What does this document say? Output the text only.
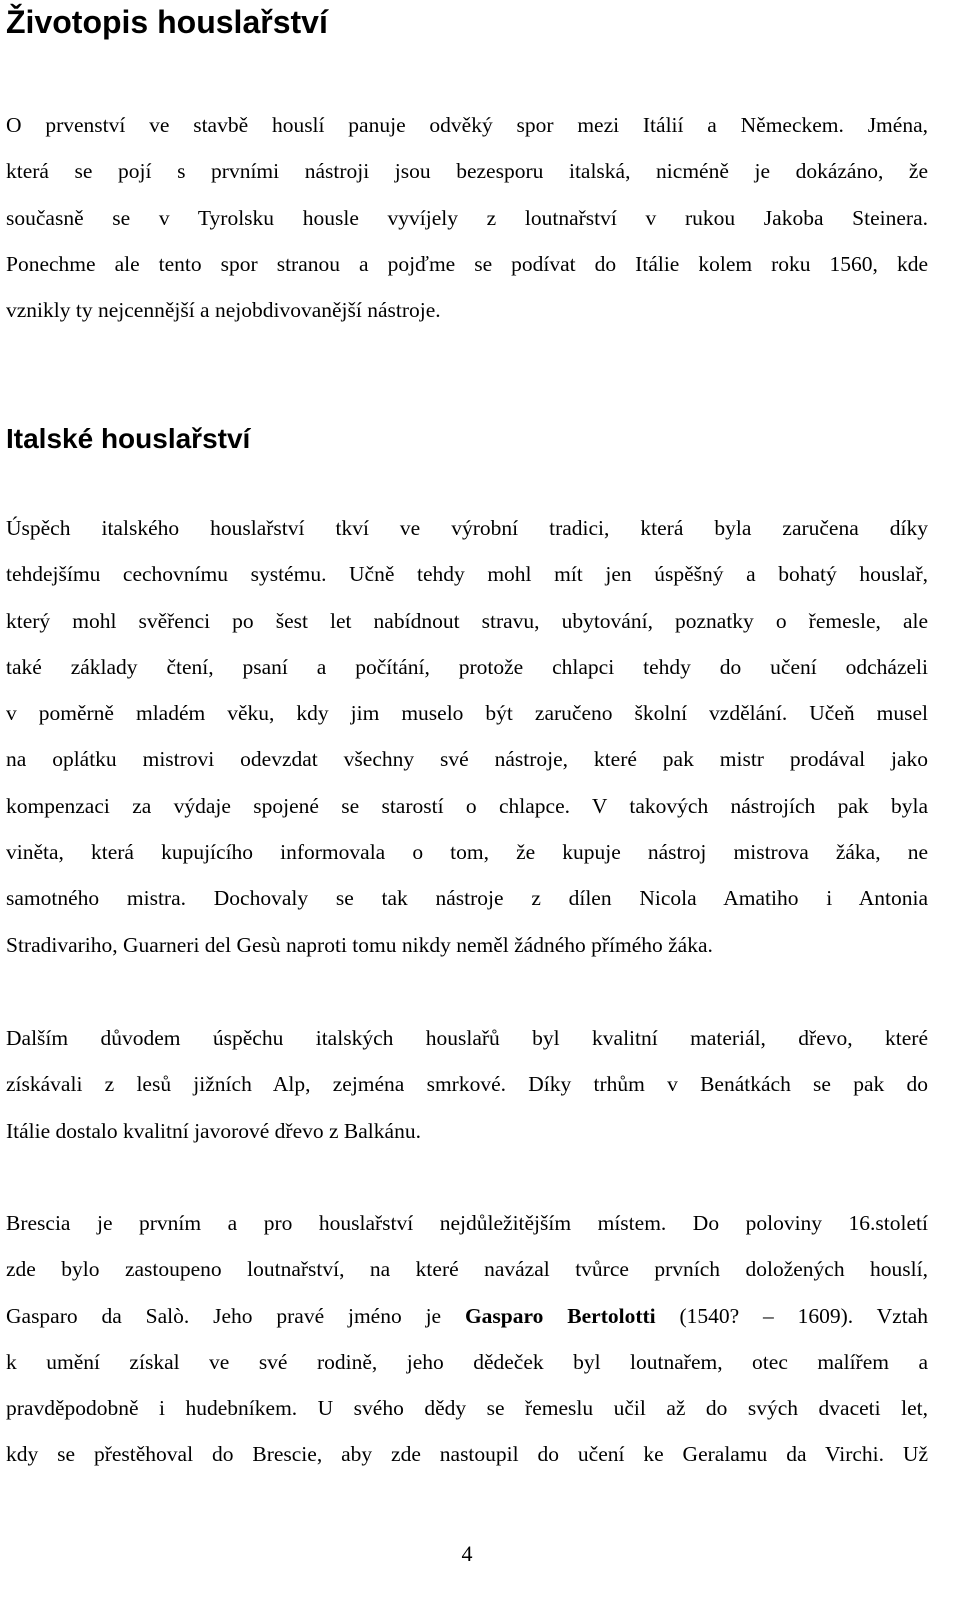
Životopis houslařství
O prvenství ve stavbě houslí panuje odvěký spor mezi Itálií a Německem. Jména,
která se pojí s prvními nástroji jsou bezesporu italská, nicméně je dokázáno, že
současně se v Tyrolsku housle vyvíjely z loutnařství v rukou Jakoba Steinera.
Ponechme ale tento spor stranou a pojďme se podívat do Itálie kolem roku 1560, kde
vznikly ty nejcennější a nejobdivovanější nástroje.
Italské houslařství
Úspěch italského houslařství tkví ve výrobní tradici, která byla zaručena díky
tehdejšímu cechovnímu systému. Učně tehdy mohl mít jen úspěšný a bohatý houslař,
který mohl svěřenci po šest let nabídnout stravu, ubytování, poznatky o řemesle, ale
také základy čtení, psaní a počítání, protože chlapci tehdy do učení odcházeli
v poměrně mladém věku, kdy jim muselo být zaručeno školní vzdělání. Učeň musel
na oplátku mistrovi odevzdat všechny své nástroje, které pak mistr prodával jako
kompenzaci za výdaje spojené se starostí o chlapce. V takových nástrojích pak byla
viněta, která kupujícího informovala o tom, že kupuje nástroj mistrova žáka, ne
samotného mistra. Dochovaly se tak nástroje z dílen Nicola Amatiho i Antonia
Stradivariho, Guarneri del Gesù naproti tomu nikdy neměl žádného přímého žáka.
Dalším důvodem úspěchu italských houslařů byl kvalitní materiál, dřevo, které
získávali z lesů jižních Alp, zejména smrkové. Díky trhům v Benátkách se pak do
Itálie dostalo kvalitní javorové dřevo z Balkánu.
Brescia je prvním a pro houslařství nejdůležitějším místem. Do poloviny 16.století
zde bylo zastoupeno loutnařství, na které navázal tvůrce prvních doložených houslí,
Gasparo da Salò. Jeho pravé jméno je Gasparo Bertolotti (1540? – 1609). Vztah
k umění získal ve své rodině, jeho dědeček byl loutnařem, otec malířem a
pravděpodobně i hudebníkem. U svého dědy se řemeslu učil až do svých dvaceti let,
kdy se přestěhoval do Brescie, aby zde nastoupil do učení ke Geralamu da Virchi. Už
4
